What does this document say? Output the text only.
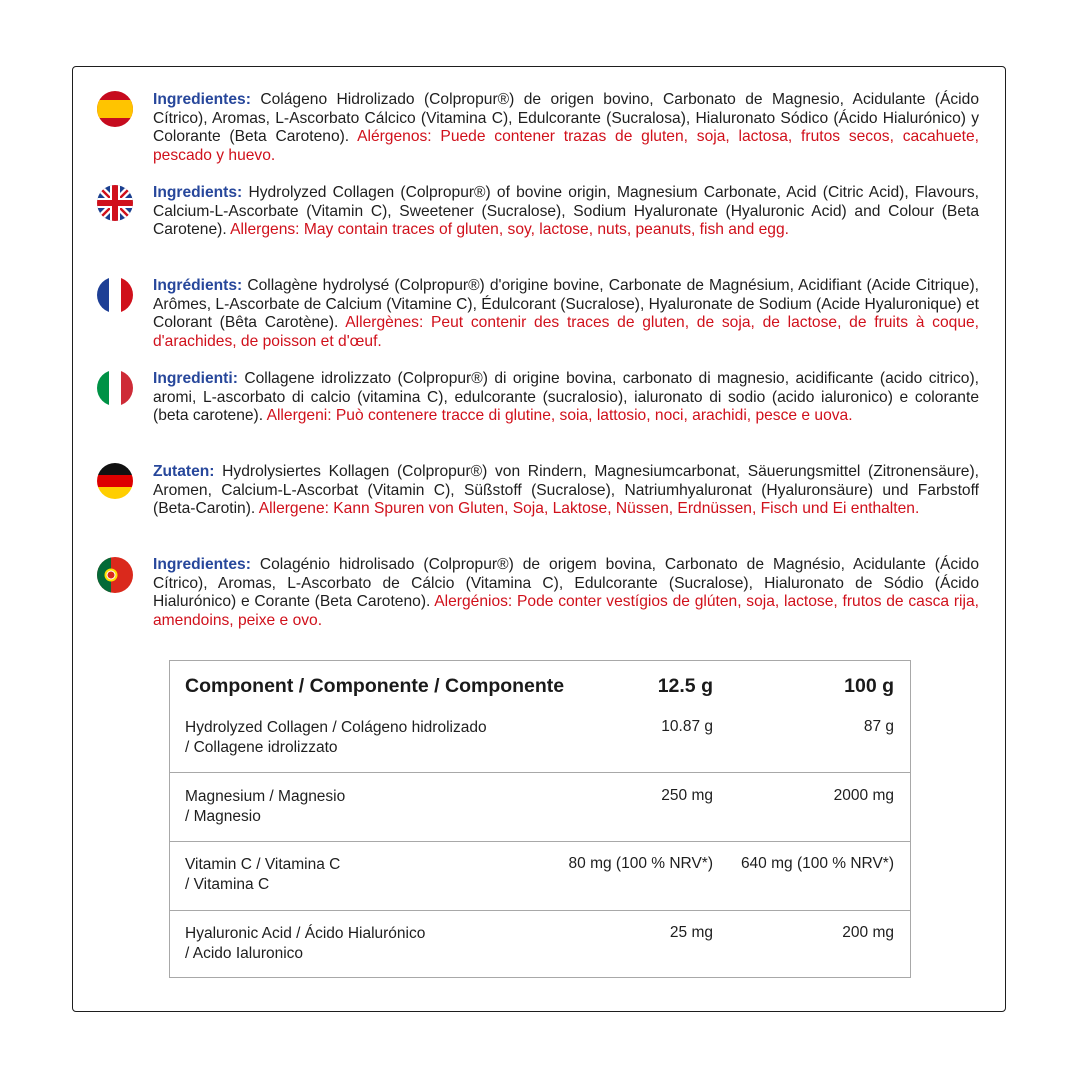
Ingredientes: Colágeno Hidrolizado (Colpropur®) de origen bovino, Carbonato de Magnesio, Acidulante (Ácido Cítrico), Aromas, L-Ascorbato Cálcico (Vitamina C), Edulcorante (Sucralosa), Hialuronato Sódico (Ácido Hialurónico) y Colorante (Beta Caroteno). Alérgenos: Puede contener trazas de gluten, soja, lactosa, frutos secos, cacahuete, pescado y huevo.
Ingredients: Hydrolyzed Collagen (Colpropur®) of bovine origin, Magnesium Carbonate, Acid (Citric Acid), Flavours, Calcium-L-Ascorbate (Vitamin C), Sweetener (Sucralose), Sodium Hyaluronate (Hyaluronic Acid) and Colour (Beta Carotene). Allergens: May contain traces of gluten, soy, lactose, nuts, peanuts, fish and egg.
Ingrédients: Collagène hydrolysé (Colpropur®) d'origine bovine, Carbonate de Magnésium, Acidifiant (Acide Citrique), Arômes, L-Ascorbate de Calcium (Vitamine C), Édulcorant (Sucralose), Hyaluronate de Sodium (Acide Hyaluronique) et Colorant (Bêta Carotène). Allergènes: Peut contenir des traces de gluten, de soja, de lactose, de fruits à coque, d'arachides, de poisson et d'œuf.
Ingredienti: Collagene idrolizzato (Colpropur®) di origine bovina, carbonato di magnesio, acidificante (acido citrico), aromi, L-ascorbato di calcio (vitamina C), edulcorante (sucralosio), ialuronato di sodio (acido ialuronico) e colorante (beta carotene). Allergeni: Può contenere tracce di glutine, soia, lattosio, noci, arachidi, pesce e uova.
Zutaten: Hydrolysiertes Kollagen (Colpropur®) von Rindern, Magnesiumcarbonat, Säuerungsmittel (Zitronensäure), Aromen, Calcium-L-Ascorbat (Vitamin C), Süßstoff (Sucralose), Natriumhyaluronat (Hyaluronsäure) und Farbstoff (Beta-Carotin). Allergene: Kann Spuren von Gluten, Soja, Laktose, Nüssen, Erdnüssen, Fisch und Ei enthalten.
Ingredientes: Colagénio hidrolisado (Colpropur®) de origem bovina, Carbonato de Magnésio, Acidulante (Ácido Cítrico), Aromas, L-Ascorbato de Cálcio (Vitamina C), Edulcorante (Sucralose), Hialuronato de Sódio (Ácido Hialurónico) e Corante (Beta Caroteno). Alergénios: Pode conter vestígios de glúten, soja, lactose, frutos de casca rija, amendoins, peixe e ovo.
Component / Componente / Componente	12.5 g	100 g
Hydrolyzed Collagen / Colágeno hidrolizado
/ Collagene idrolizzato
10.87 g	87 g
Magnesium / Magnesio
/ Magnesio
250 mg	2000 mg
Vitamin C / Vitamina C
/ Vitamina C
80 mg (100 % NRV*) 640 mg (100 % NRV*)
Hyaluronic Acid / Ácido Hialurónico
/ Acido Ialuronico
25 mg	200 mg
